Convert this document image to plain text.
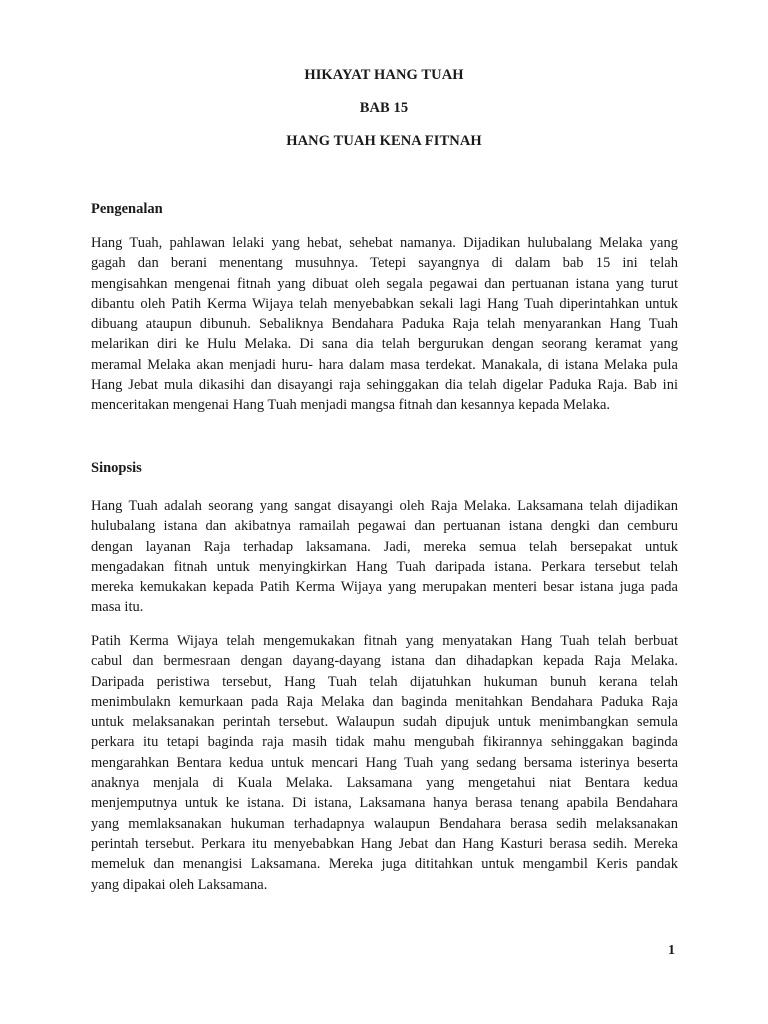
HIKAYAT HANG TUAH
BAB 15
HANG TUAH KENA FITNAH
Pengenalan
Hang Tuah, pahlawan lelaki yang hebat, sehebat namanya. Dijadikan hulubalang Melaka yang
gagah dan berani menentang musuhnya. Tetepi sayangnya di dalam bab 15 ini telah
mengisahkan mengenai fitnah yang dibuat oleh segala pegawai dan pertuanan istana yang turut
dibantu oleh Patih Kerma Wijaya telah menyebabkan sekali lagi Hang Tuah diperintahkan untuk
dibuang ataupun dibunuh. Sebaliknya Bendahara Paduka Raja telah menyarankan Hang Tuah
melarikan diri ke Hulu Melaka. Di sana dia telah bergurukan dengan seorang keramat yang
meramal Melaka akan menjadi huru- hara dalam masa terdekat. Manakala, di istana Melaka pula
Hang Jebat mula dikasihi dan disayangi raja sehinggakan dia telah digelar Paduka Raja. Bab ini
menceritakan mengenai Hang Tuah menjadi mangsa fitnah dan kesannya kepada Melaka.
Sinopsis
Hang Tuah adalah seorang yang sangat disayangi oleh Raja Melaka. Laksamana telah dijadikan
hulubalang istana dan akibatnya ramailah pegawai dan pertuanan istana dengki dan cemburu
dengan layanan Raja terhadap laksamana. Jadi, mereka semua telah bersepakat untuk
mengadakan fitnah untuk menyingkirkan Hang Tuah daripada istana. Perkara tersebut telah
mereka kemukakan kepada Patih Kerma Wijaya yang merupakan menteri besar istana juga pada
masa itu.
Patih Kerma Wijaya telah mengemukakan fitnah yang menyatakan Hang Tuah telah berbuat
cabul dan bermesraan dengan dayang-dayang istana dan dihadapkan kepada Raja Melaka.
Daripada peristiwa tersebut, Hang Tuah telah dijatuhkan hukuman bunuh kerana telah
menimbulakn kemurkaan pada Raja Melaka dan baginda menitahkan Bendahara Paduka Raja
untuk melaksanakan perintah tersebut. Walaupun sudah dipujuk untuk menimbangkan semula
perkara itu tetapi baginda raja masih tidak mahu mengubah fikirannya sehinggakan baginda
mengarahkan Bentara kedua untuk mencari Hang Tuah yang sedang bersama isterinya beserta
anaknya menjala di Kuala Melaka. Laksamana yang mengetahui niat Bentara kedua
menjemputnya untuk ke istana. Di istana, Laksamana hanya berasa tenang apabila Bendahara
yang memlaksanakan hukuman terhadapnya walaupun Bendahara berasa sedih melaksanakan
perintah tersebut. Perkara itu menyebabkan Hang Jebat dan Hang Kasturi berasa sedih. Mereka
memeluk dan menangisi Laksamana. Mereka juga dititahkan untuk mengambil Keris pandak
yang dipakai oleh Laksamana.
1
